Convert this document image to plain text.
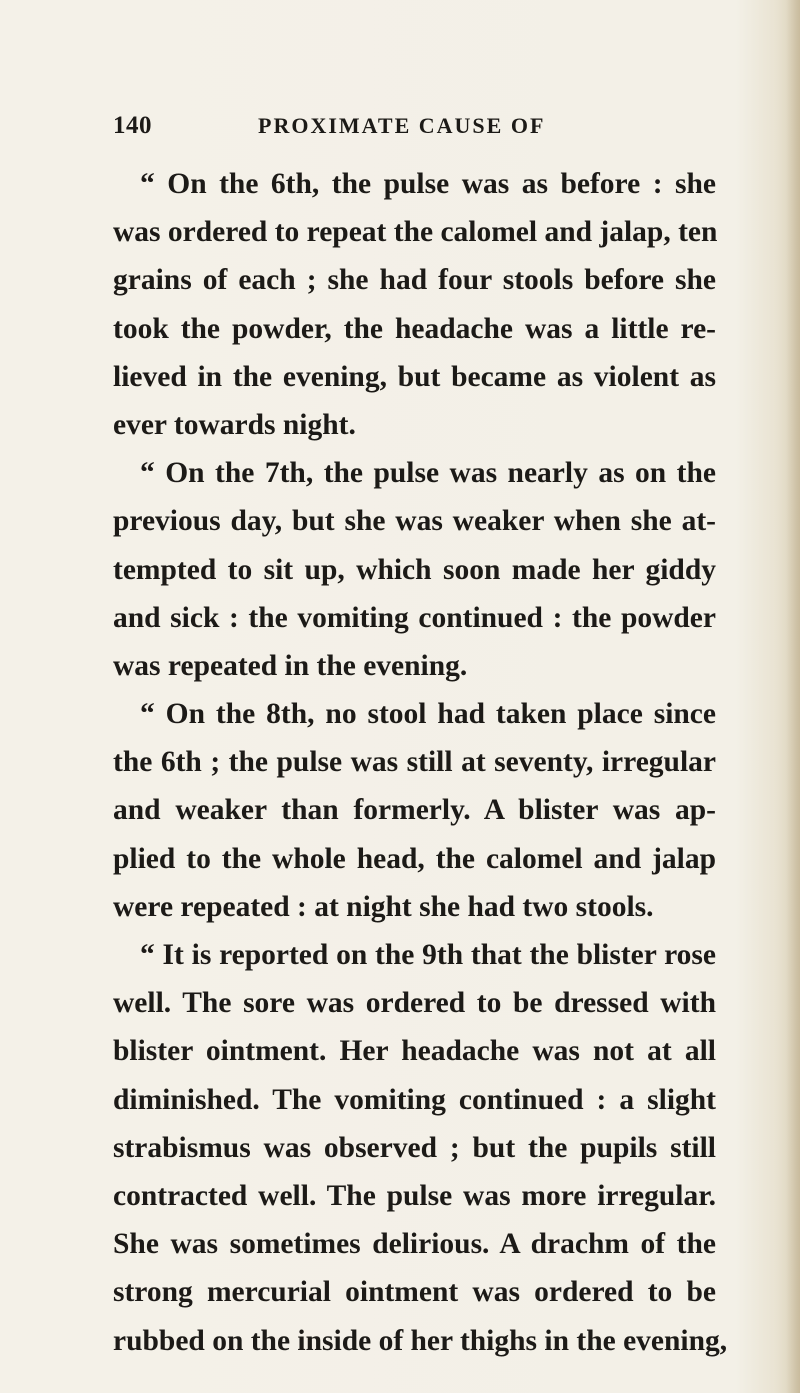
140	PROXIMATE CAUSE OF
“ On the 6th, the pulse was as before : she
was ordered to repeat the calomel and jalap, ten
grains of each ; she had four stools before she
took the powder, the headache was a little re-
lieved in the evening, but became as violent as
ever towards night.
“ On the 7th, the pulse was nearly as on the
previous day, but she was weaker when she at-
tempted to sit up, which soon made her giddy
and sick : the vomiting continued : the powder
was repeated in the evening.
“ On the 8th, no stool had taken place since
the 6th ; the pulse was still at seventy, irregular
and weaker than formerly. A blister was ap-
plied to the whole head, the calomel and jalap
were repeated : at night she had two stools.
“ It is reported on the 9th that the blister rose
well. The sore was ordered to be dressed with
blister ointment. Her headache was not at all
diminished. The vomiting continued : a slight
strabismus was observed ; but the pupils still
contracted well. The pulse was more irregular.
She was sometimes delirious. A drachm of the
strong mercurial ointment was ordered to be
rubbed on the inside of her thighs in the evening,
